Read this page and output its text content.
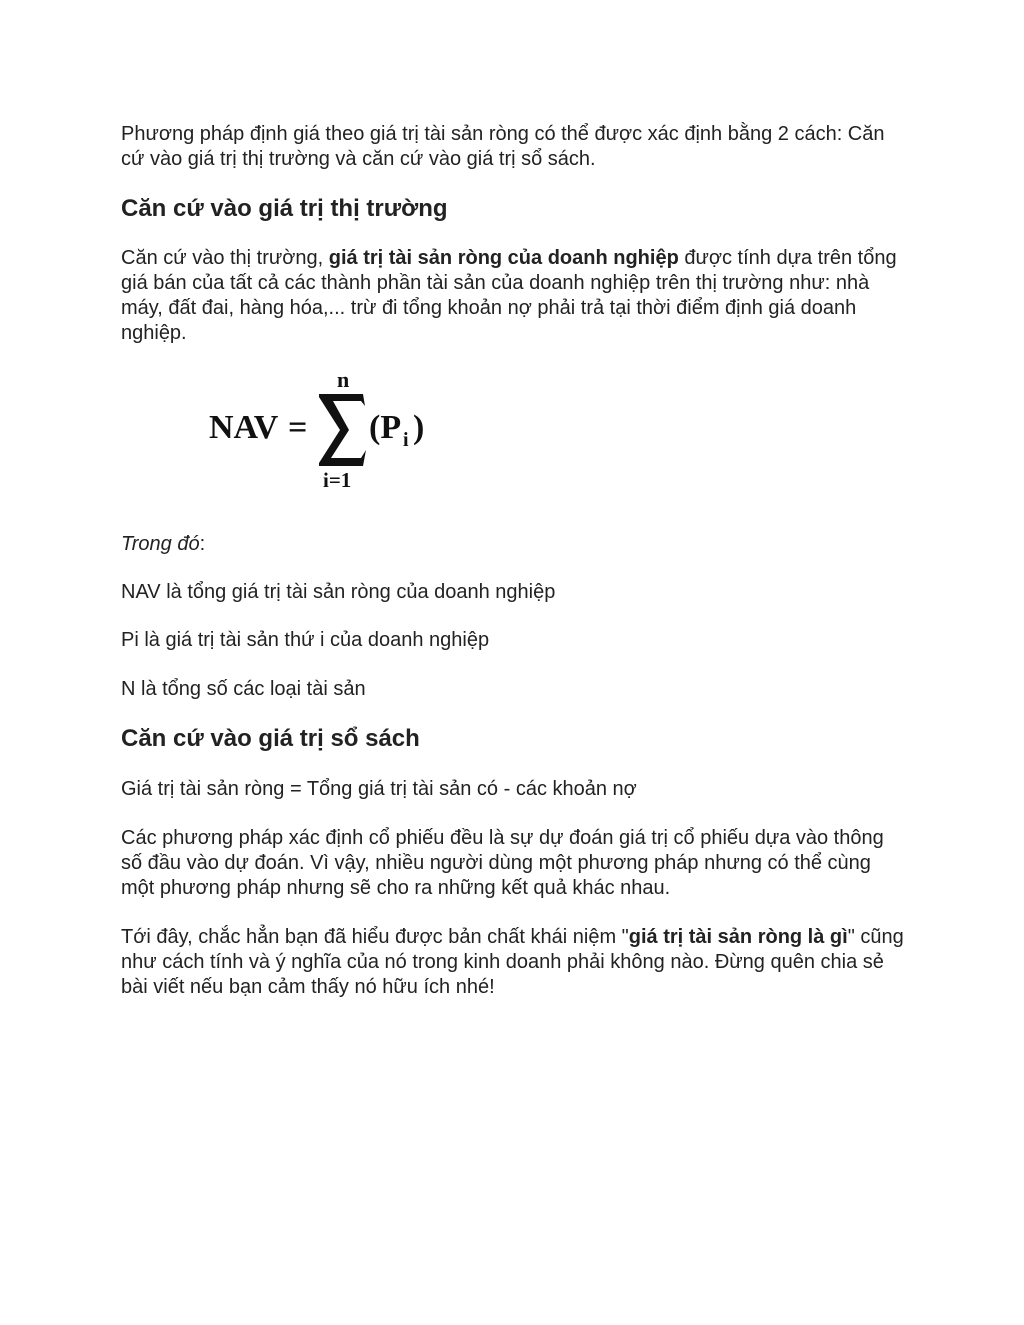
Phương pháp định giá theo giá trị tài sản ròng có thể được xác định bằng 2 cách: Căn cứ vào giá trị thị trường và căn cứ vào giá trị sổ sách.

Căn cứ vào giá trị thị trường

Căn cứ vào thị trường, giá trị tài sản ròng của doanh nghiệp được tính dựa trên tổng giá bán của tất cả các thành phần tài sản của doanh nghiệp trên thị trường như: nhà máy, đất đai, hàng hóa,... trừ đi tổng khoản nợ phải trả tại thời điểm định giá doanh nghiệp.

NAV =
n
i=1
(P i )

Trong đó:

NAV là tổng giá trị tài sản ròng của doanh nghiệp

Pi là giá trị tài sản thứ i của doanh nghiệp

N là tổng số các loại tài sản

Căn cứ vào giá trị sổ sách

Giá trị tài sản ròng = Tổng giá trị tài sản có - các khoản nợ

Các phương pháp xác định cổ phiếu đều là sự dự đoán giá trị cổ phiếu dựa vào thông số đầu vào dự đoán. Vì vậy, nhiều người dùng một phương pháp nhưng có thể cùng một phương pháp nhưng sẽ cho ra những kết quả khác nhau.

Tới đây, chắc hẳn bạn đã hiểu được bản chất khái niệm "giá trị tài sản ròng là gì" cũng như cách tính và ý nghĩa của nó trong kinh doanh phải không nào. Đừng quên chia sẻ bài viết nếu bạn cảm thấy nó hữu ích nhé!
